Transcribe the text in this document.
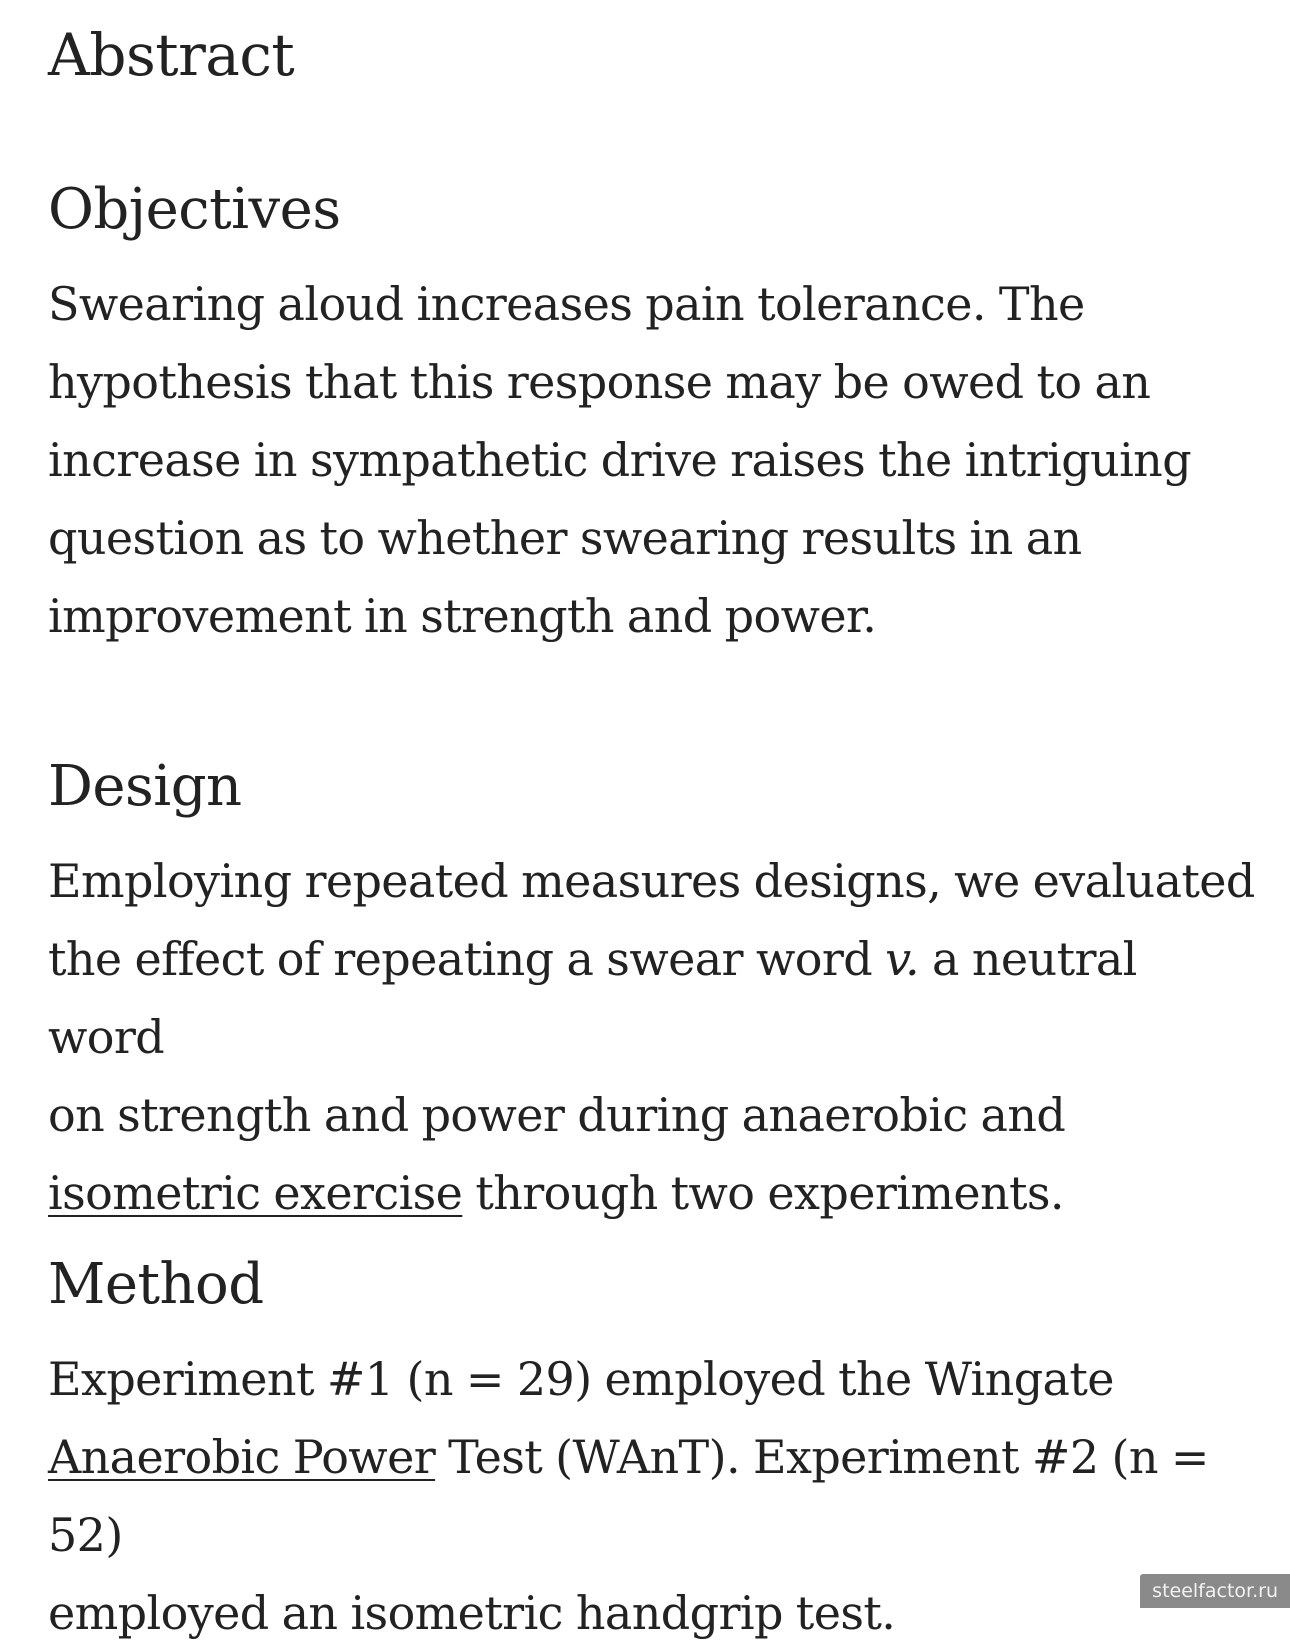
Abstract
Objectives

Swearing aloud increases pain tolerance. The
hypothesis that this response may be owed to an
increase in sympathetic drive raises the intriguing
question as to whether swearing results in an
improvement in strength and power.

Design

Employing repeated measures designs, we evaluated
the effect of repeating a swear word v. a neutral word
on strength and power during anaerobic and
isometric exercise through two experiments.

Method

Experiment #1 (n = 29) employed the Wingate
Anaerobic Power Test (WAnT). Experiment #2 (n = 52)
employed an isometric handgrip test.	steelfactor.ru
